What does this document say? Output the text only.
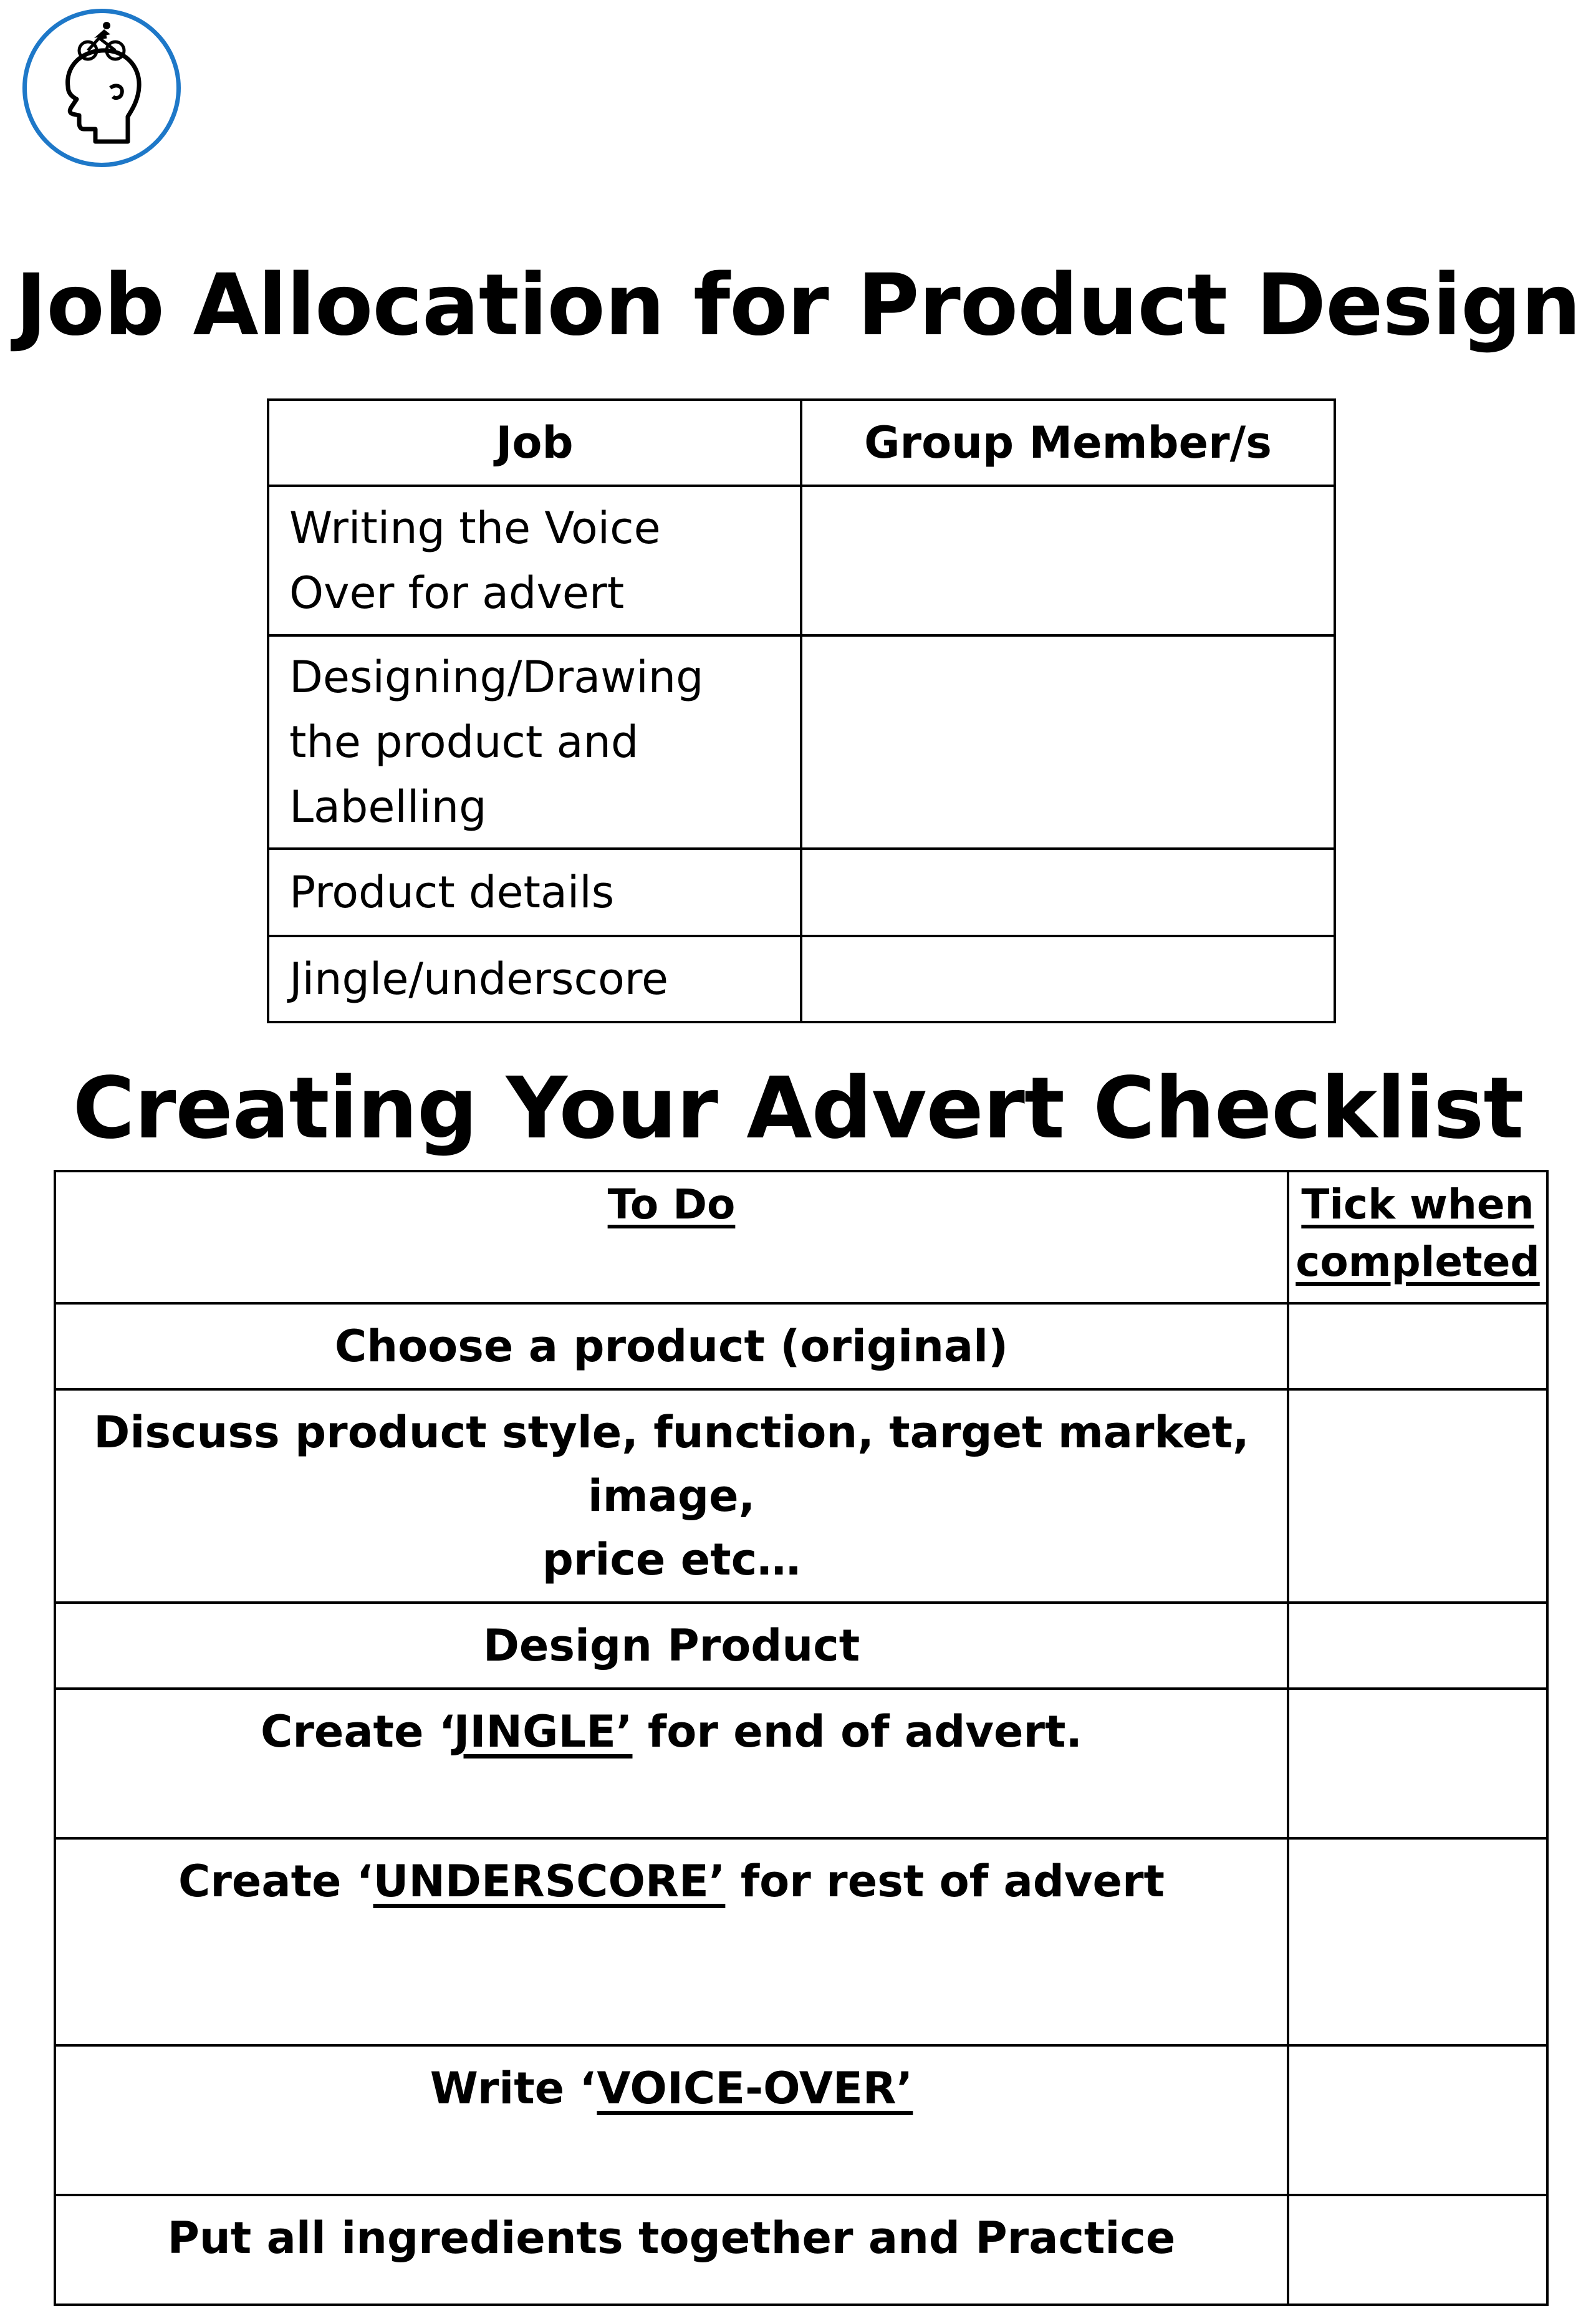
Job Allocation for Product Design
Job	Group Member/s

Writing the Voice
Over for advert	

Designing/Drawing
the product and
Labelling	

Product details	
Jingle/underscore	
Creating Your Advert Checklist
To Do	Tick when
completed
Choose a product (original)	

Discuss product style, function, target market, image,
price etc…	

Design Product	
Create ‘JINGLE’ for end of advert.	
Create ‘UNDERSCORE’ for rest of advert	
Write ‘VOICE-OVER’	
Put all ingredients together and Practice	
